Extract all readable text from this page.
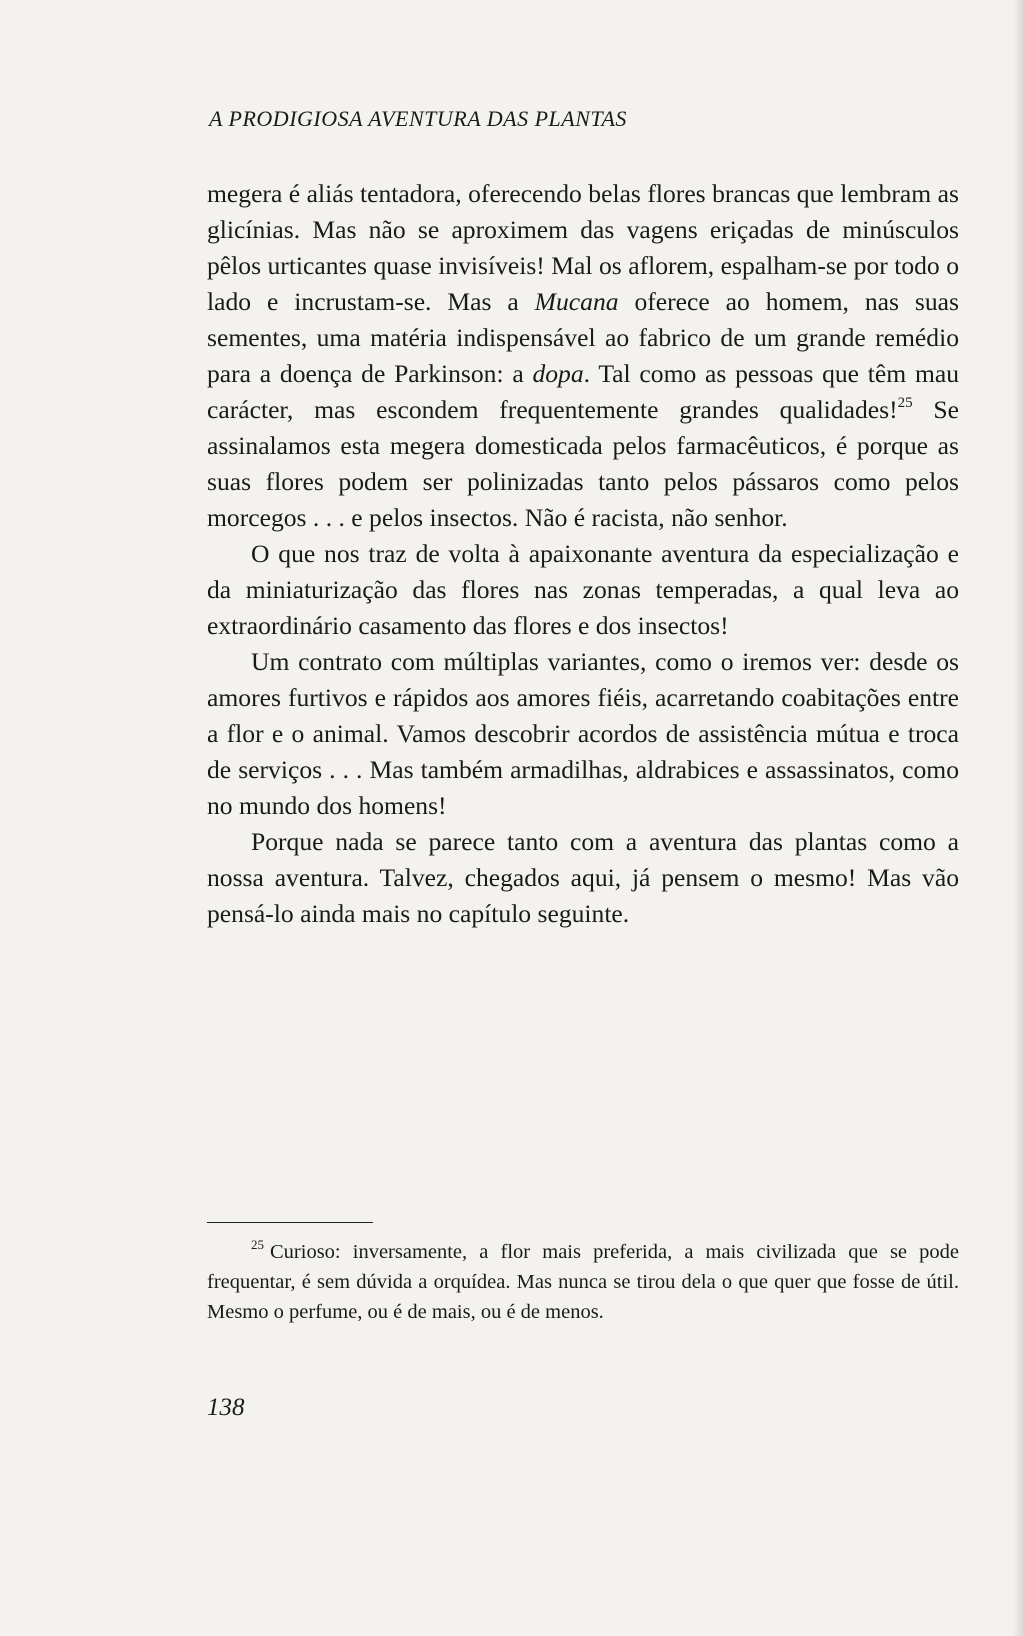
A PRODIGIOSA AVENTURA DAS PLANTAS

megera é aliás tentadora, oferecendo belas flores brancas que lembram as glicínias. Mas não se aproximem das vagens eriçadas de minúsculos pêlos urticantes quase invisíveis! Mal os aflorem, espalham-se por todo o lado e incrustam-se. Mas a Mucana oferece ao homem, nas suas sementes, uma matéria indispensável ao fabrico de um grande remédio para a doença de Parkinson: a dopa. Tal como as pessoas que têm mau carácter, mas escondem frequentemente grandes qualidades!$^{25}$ Se assinalamos esta megera domesticada pelos farmacêuticos, é porque as suas flores podem ser polinizadas tanto pelos pássaros como pelos morcegos . . . e pelos insectos. Não é racista, não senhor.

O que nos traz de volta à apaixonante aventura da especialização e da miniaturização das flores nas zonas temperadas, a qual leva ao extraordinário casamento das flores e dos insectos!

Um contrato com múltiplas variantes, como o iremos ver: desde os amores furtivos e rápidos aos amores fiéis, acarretando coabitações entre a flor e o animal. Vamos descobrir acordos de assistência mútua e troca de serviços . . . Mas também armadilhas, aldrabices e assassinatos, como no mundo dos homens!

Porque nada se parece tanto com a aventura das plantas como a nossa aventura. Talvez, chegados aqui, já pensem o mesmo! Mas vão pensá-lo ainda mais no capítulo seguinte.

$^{25}$ Curioso: inversamente, a flor mais preferida, a mais civilizada que se pode frequentar, é sem dúvida a orquídea. Mas nunca se tirou dela o que quer que fosse de útil. Mesmo o perfume, ou é de mais, ou é de menos.
138
